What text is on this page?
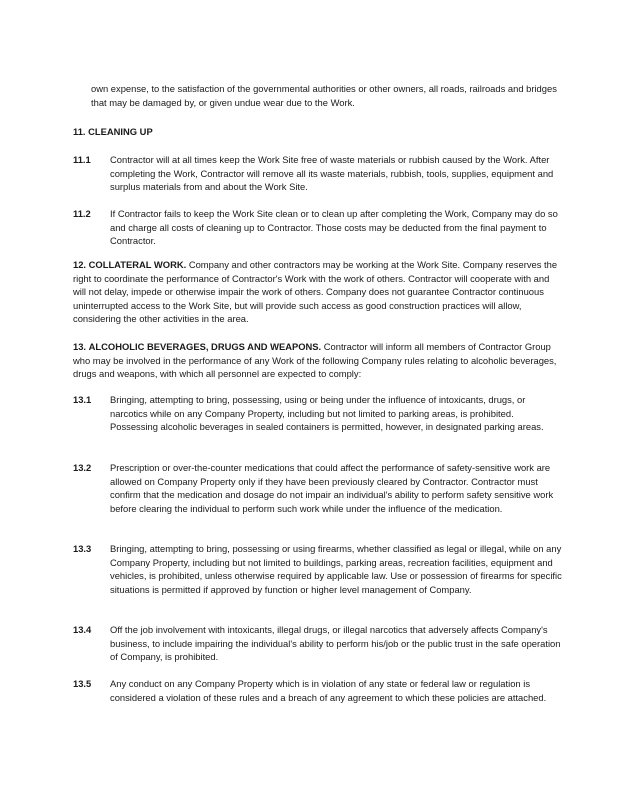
own expense, to the satisfaction of the governmental authorities or other owners, all roads, railroads and bridges that may be damaged by, or given undue wear due to the Work.

11. CLEANING UP
11.1 Contractor will at all times keep the Work Site free of waste materials or rubbish caused by the Work. After completing the Work, Contractor will remove all its waste materials, rubbish, tools, supplies, equipment and surplus materials from and about the Work Site.

11.2 If Contractor fails to keep the Work Site clean or to clean up after completing the Work, Company may do so and charge all costs of cleaning up to Contractor. Those costs may be deducted from the final payment to Contractor.

12. COLLATERAL WORK. Company and other contractors may be working at the Work Site. Company reserves the right to coordinate the performance of Contractor's Work with the work of others. Contractor will cooperate with and will not delay, impede or otherwise impair the work of others. Company does not guarantee Contractor continuous uninterrupted access to the Work Site, but will provide such access as good construction practices will allow, considering the other activities in the area.

13. ALCOHOLIC BEVERAGES, DRUGS AND WEAPONS. Contractor will inform all members of Contractor Group who may be involved in the performance of any Work of the following Company rules relating to alcoholic beverages, drugs and weapons, with which all personnel are expected to comply:

13.1 Bringing, attempting to bring, possessing, using or being under the influence of intoxicants, drugs, or narcotics while on any Company Property, including but not limited to parking areas, is prohibited. Possessing alcoholic beverages in sealed containers is permitted, however, in designated parking areas.

13.2 Prescription or over-the-counter medications that could affect the performance of safety-sensitive work are allowed on Company Property only if they have been previously cleared by Contractor. Contractor must confirm that the medication and dosage do not impair an individual's ability to perform safety sensitive work before clearing the individual to perform such work while under the influence of the medication.

13.3 Bringing, attempting to bring, possessing or using firearms, whether classified as legal or illegal, while on any Company Property, including but not limited to buildings, parking areas, recreation facilities, equipment and vehicles, is prohibited, unless otherwise required by applicable law. Use or possession of firearms for specific situations is permitted if approved by function or higher level management of Company.

13.4 Off the job involvement with intoxicants, illegal drugs, or illegal narcotics that adversely affects Company's business, to include impairing the individual's ability to perform his/job or the public trust in the safe operation of Company, is prohibited.

13.5 Any conduct on any Company Property which is in violation of any state or federal law or regulation is considered a violation of these rules and a breach of any agreement to which these policies are attached.
